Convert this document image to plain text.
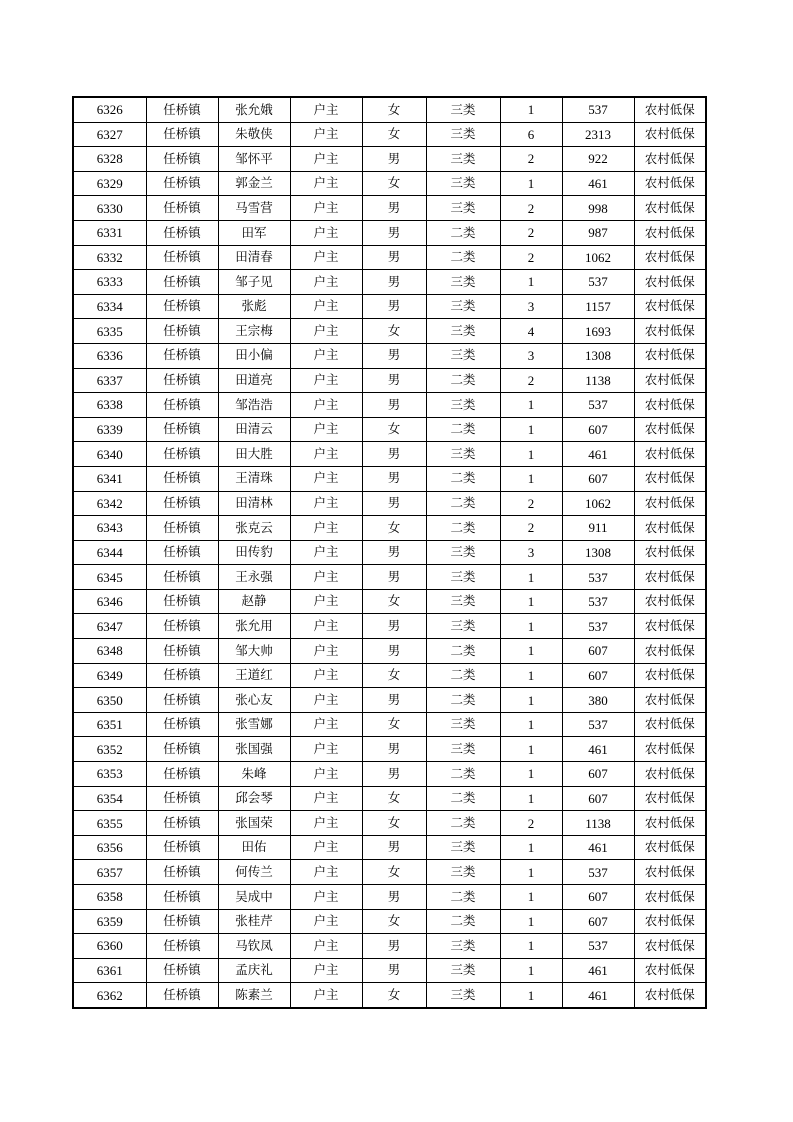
6326	任桥镇	张允娥	户主	女	三类	1	537	农村低保
6327	任桥镇	朱敬侠	户主	女	三类	6	2313	农村低保
6328	任桥镇	邹怀平	户主	男	三类	2	922	农村低保
6329	任桥镇	郭金兰	户主	女	三类	1	461	农村低保
6330	任桥镇	马雪营	户主	男	三类	2	998	农村低保
6331	任桥镇	田军	户主	男	二类	2	987	农村低保
6332	任桥镇	田清春	户主	男	二类	2	1062	农村低保
6333	任桥镇	邹子见	户主	男	三类	1	537	农村低保
6334	任桥镇	张彪	户主	男	三类	3	1157	农村低保
6335	任桥镇	王宗梅	户主	女	三类	4	1693	农村低保
6336	任桥镇	田小偏	户主	男	三类	3	1308	农村低保
6337	任桥镇	田道亮	户主	男	二类	2	1138	农村低保
6338	任桥镇	邹浩浩	户主	男	三类	1	537	农村低保
6339	任桥镇	田清云	户主	女	二类	1	607	农村低保
6340	任桥镇	田大胜	户主	男	三类	1	461	农村低保
6341	任桥镇	王清珠	户主	男	二类	1	607	农村低保
6342	任桥镇	田清林	户主	男	二类	2	1062	农村低保
6343	任桥镇	张克云	户主	女	二类	2	911	农村低保
6344	任桥镇	田传豹	户主	男	三类	3	1308	农村低保
6345	任桥镇	王永强	户主	男	三类	1	537	农村低保
6346	任桥镇	赵静	户主	女	三类	1	537	农村低保
6347	任桥镇	张允用	户主	男	三类	1	537	农村低保
6348	任桥镇	邹大帅	户主	男	二类	1	607	农村低保
6349	任桥镇	王道红	户主	女	二类	1	607	农村低保
6350	任桥镇	张心友	户主	男	二类	1	380	农村低保
6351	任桥镇	张雪娜	户主	女	三类	1	537	农村低保
6352	任桥镇	张国强	户主	男	三类	1	461	农村低保
6353	任桥镇	朱峰	户主	男	二类	1	607	农村低保
6354	任桥镇	邱会琴	户主	女	二类	1	607	农村低保
6355	任桥镇	张国荣	户主	女	二类	2	1138	农村低保
6356	任桥镇	田佑	户主	男	三类	1	461	农村低保
6357	任桥镇	何传兰	户主	女	三类	1	537	农村低保
6358	任桥镇	吴成中	户主	男	二类	1	607	农村低保
6359	任桥镇	张桂芹	户主	女	二类	1	607	农村低保
6360	任桥镇	马钦凤	户主	男	三类	1	537	农村低保
6361	任桥镇	孟庆礼	户主	男	三类	1	461	农村低保
6362	任桥镇	陈素兰	户主	女	三类	1	461	农村低保
